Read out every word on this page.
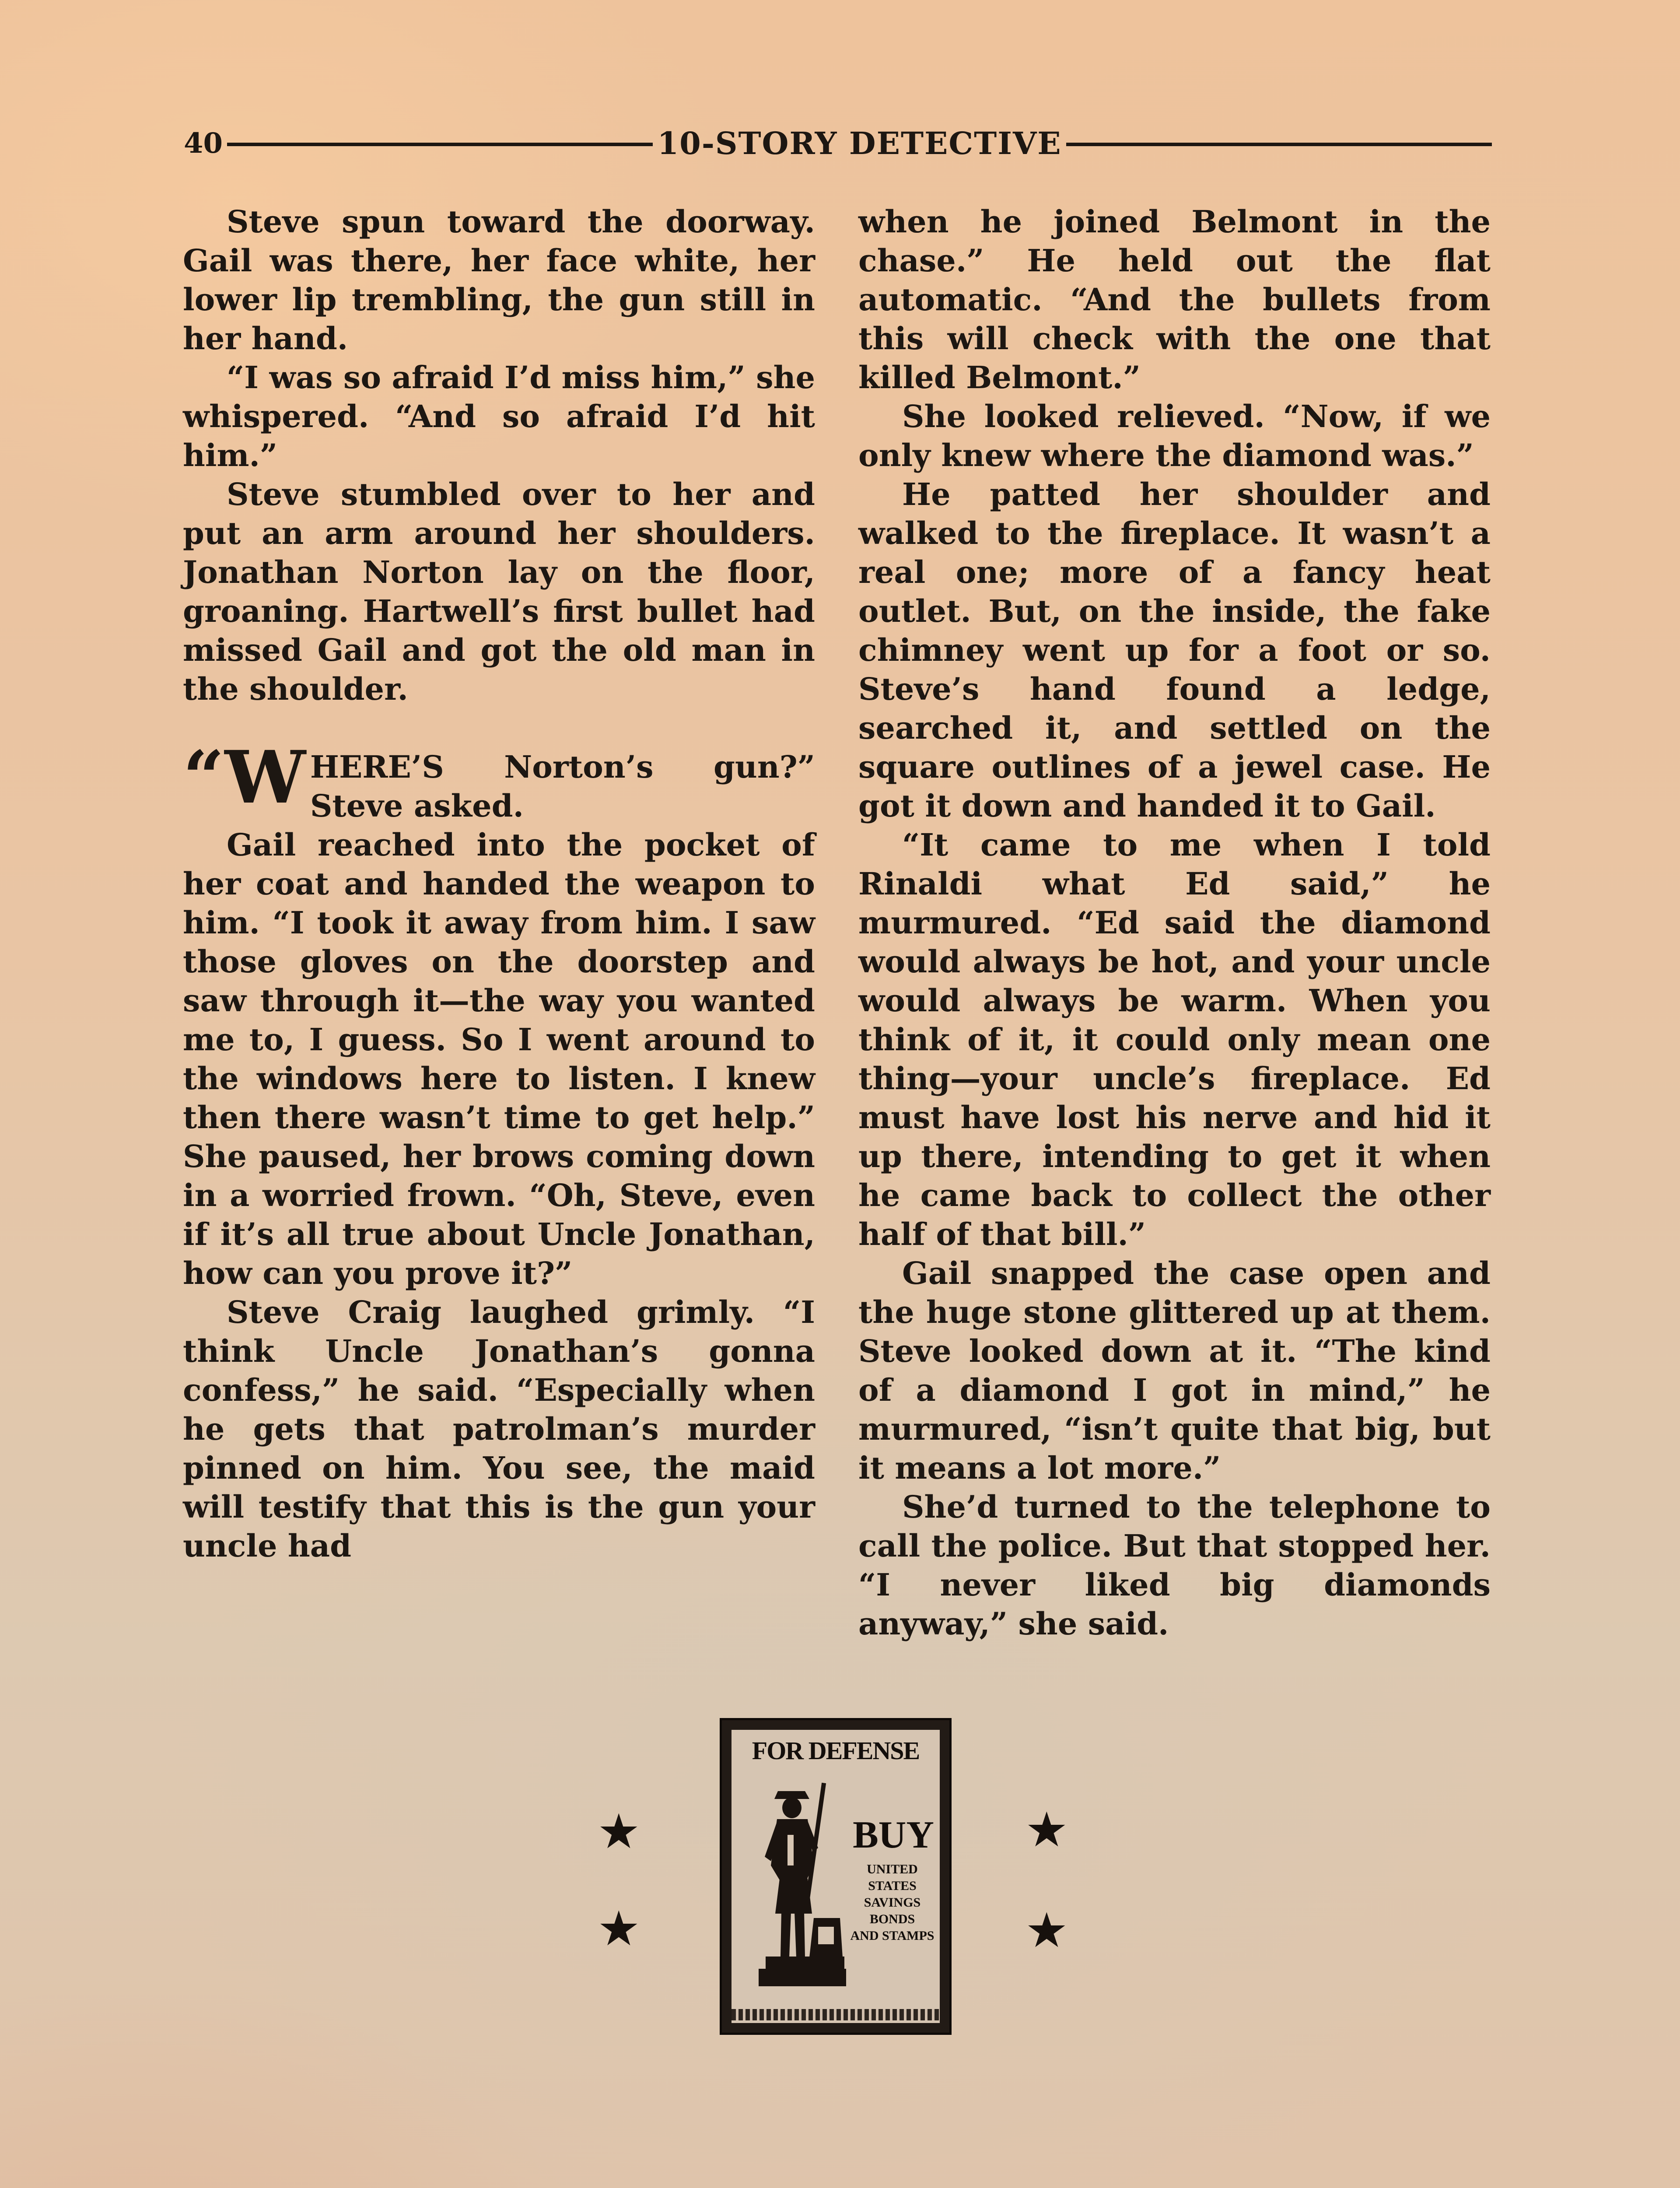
40	10-STORY DETECTIVE

Steve spun toward the doorway. Gail was there, her face white, her lower lip trembling, the gun still in her hand.

“I was so afraid I’d miss him,” she whispered. “And so afraid I’d hit him.”

Steve stumbled over to her and put an arm around her shoulders. Jonathan Norton lay on the floor, groaning. Hartwell’s first bullet had missed Gail and got the old man in the shoulder.

“WHERE’S Norton’s gun?” Steve asked.

Gail reached into the pocket of her coat and handed the weapon to him. “I took it away from him. I saw those gloves on the doorstep and saw through it—the way you wanted me to, I guess. So I went around to the windows here to listen. I knew then there wasn’t time to get help.” She paused, her brows coming down in a worried frown. “Oh, Steve, even if it’s all true about Uncle Jonathan, how can you prove it?”

Steve Craig laughed grimly. “I think Uncle Jonathan’s gonna confess,” he said. “Especially when he gets that patrolman’s murder pinned on him. You see, the maid will testify that this is the gun your uncle had

when he joined Belmont in the chase.” He held out the flat automatic. “And the bullets from this will check with the one that killed Belmont.”

She looked relieved. “Now, if we only knew where the diamond was.”

He patted her shoulder and walked to the fireplace. It wasn’t a real one; more of a fancy heat outlet. But, on the inside, the fake chimney went up for a foot or so. Steve’s hand found a ledge, searched it, and settled on the square outlines of a jewel case. He got it down and handed it to Gail.

“It came to me when I told Rinaldi what Ed said,” he murmured. “Ed said the diamond would always be hot, and your uncle would always be warm. When you think of it, it could only mean one thing—your uncle’s fireplace. Ed must have lost his nerve and hid it up there, intending to get it when he came back to collect the other half of that bill.”

Gail snapped the case open and the huge stone glittered up at them. Steve looked down at it. “The kind of a diamond I got in mind,” he murmured, “isn’t quite that big, but it means a lot more.”

She’d turned to the telephone to call the police. But that stopped her. “I never liked big diamonds anyway,” she said.

★
★
★
★
FOR DEFENSE
BUY
UNITED
STATES
SAVINGS
BONDS
AND STAMPS
